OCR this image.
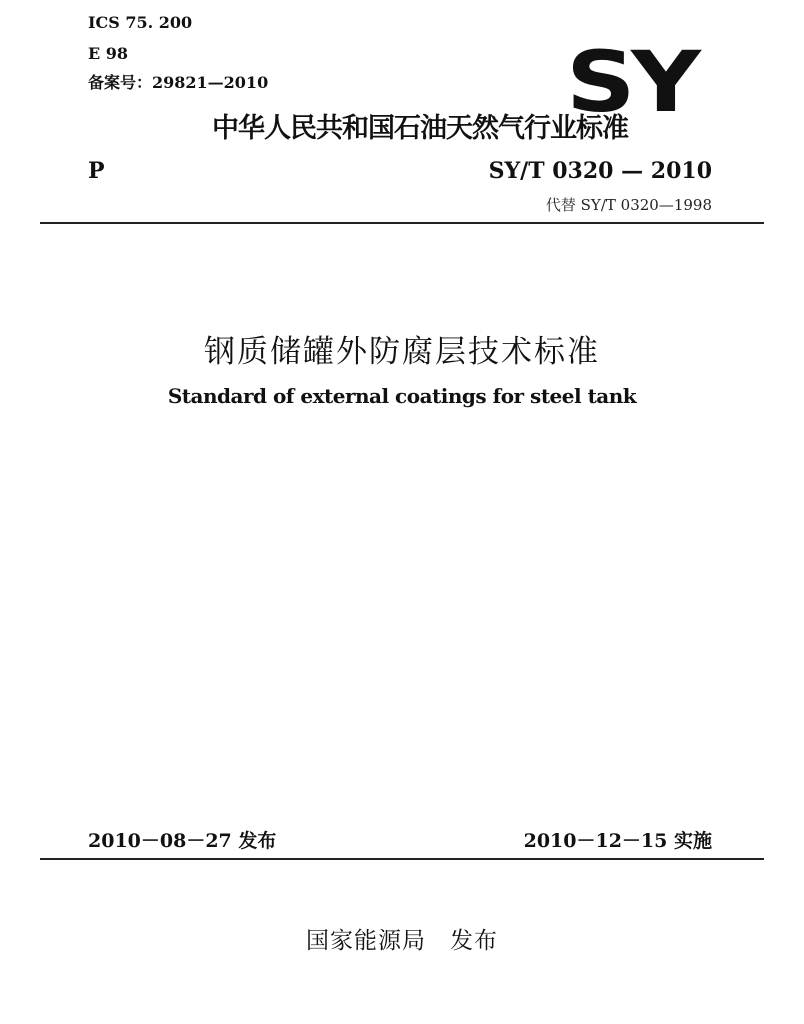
ICS 75. 200
E 98
备案号：29821—2010	SY
中华人民共和国石油天然气行业标准
P	SY/T 0320 — 2010
代替 SY/T 0320—1998
钢质储罐外防腐层技术标准
Standard of external coatings for steel tank
2010－08－27 发布	2010－12－15 实施
国家能源局　发布
